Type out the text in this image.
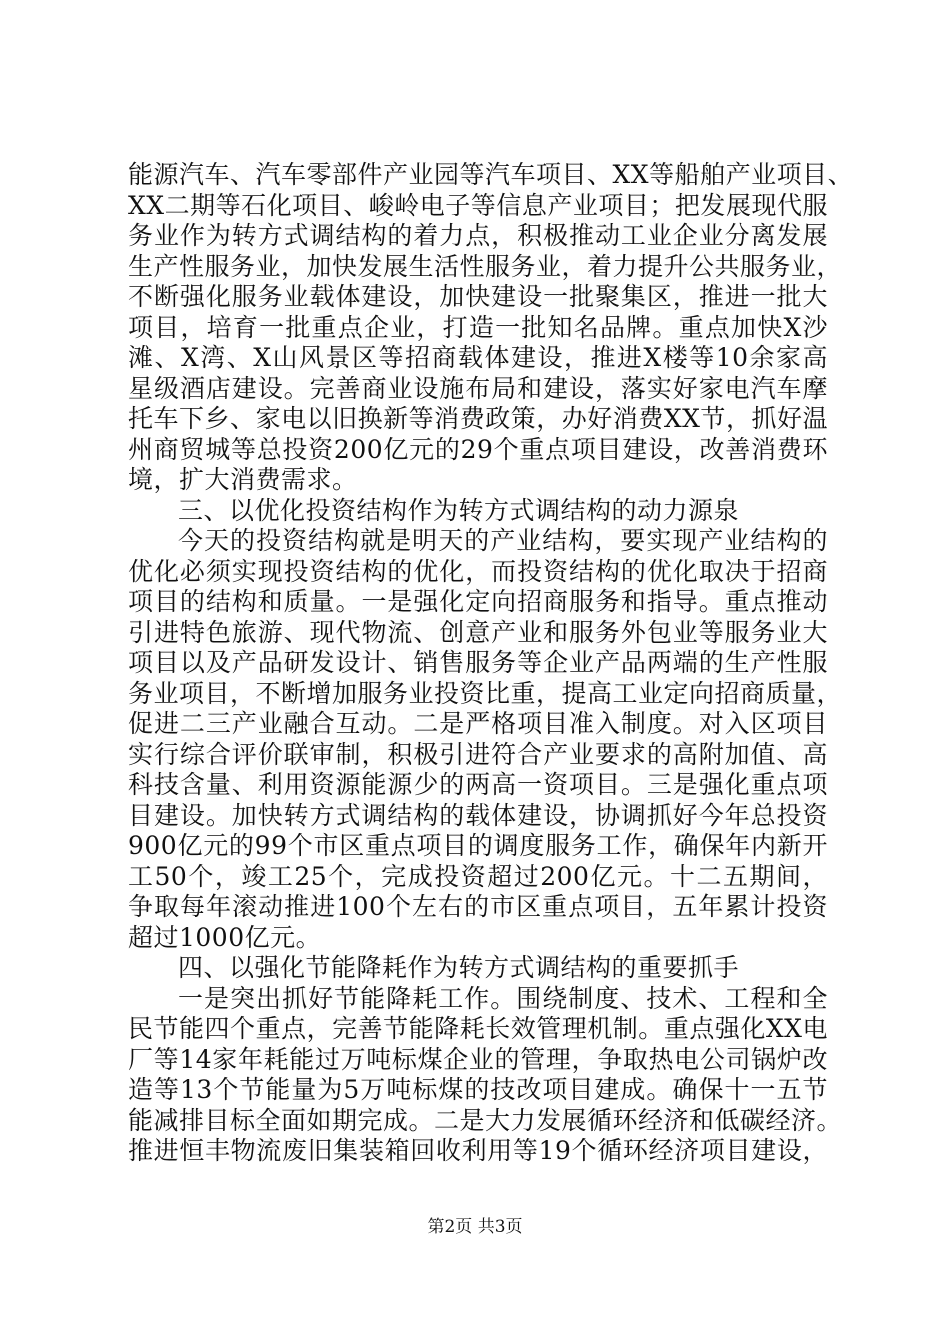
能源汽车、汽车零部件产业园等汽车项目、XX等船舶产业项目、
XX二期等石化项目、峻岭电子等信息产业项目；把发展现代服
务业作为转方式调结构的着力点，积极推动工业企业分离发展
生产性服务业，加快发展生活性服务业，着力提升公共服务业，
不断强化服务业载体建设，加快建设一批聚集区，推进一批大
项目，培育一批重点企业，打造一批知名品牌。重点加快X沙
滩、X湾、X山风景区等招商载体建设，推进X楼等10余家高
星级酒店建设。完善商业设施布局和建设，落实好家电汽车摩
托车下乡、家电以旧换新等消费政策，办好消费XX节，抓好温
州商贸城等总投资200亿元的29个重点项目建设，改善消费环
境，扩大消费需求。
三、以优化投资结构作为转方式调结构的动力源泉
今天的投资结构就是明天的产业结构，要实现产业结构的
优化必须实现投资结构的优化，而投资结构的优化取决于招商
项目的结构和质量。一是强化定向招商服务和指导。重点推动
引进特色旅游、现代物流、创意产业和服务外包业等服务业大
项目以及产品研发设计、销售服务等企业产品两端的生产性服
务业项目，不断增加服务业投资比重，提高工业定向招商质量，
促进二三产业融合互动。二是严格项目准入制度。对入区项目
实行综合评价联审制，积极引进符合产业要求的高附加值、高
科技含量、利用资源能源少的两高一资项目。三是强化重点项
目建设。加快转方式调结构的载体建设，协调抓好今年总投资
900亿元的99个市区重点项目的调度服务工作，确保年内新开
工50个，竣工25个，完成投资超过200亿元。十二五期间，
争取每年滚动推进100个左右的市区重点项目，五年累计投资
超过1000亿元。
四、以强化节能降耗作为转方式调结构的重要抓手
一是突出抓好节能降耗工作。围绕制度、技术、工程和全
民节能四个重点，完善节能降耗长效管理机制。重点强化XX电
厂等14家年耗能过万吨标煤企业的管理，争取热电公司锅炉改
造等13个节能量为5万吨标煤的技改项目建成。确保十一五节
能减排目标全面如期完成。二是大力发展循环经济和低碳经济。
推进恒丰物流废旧集装箱回收利用等19个循环经济项目建设，
第2页 共3页
